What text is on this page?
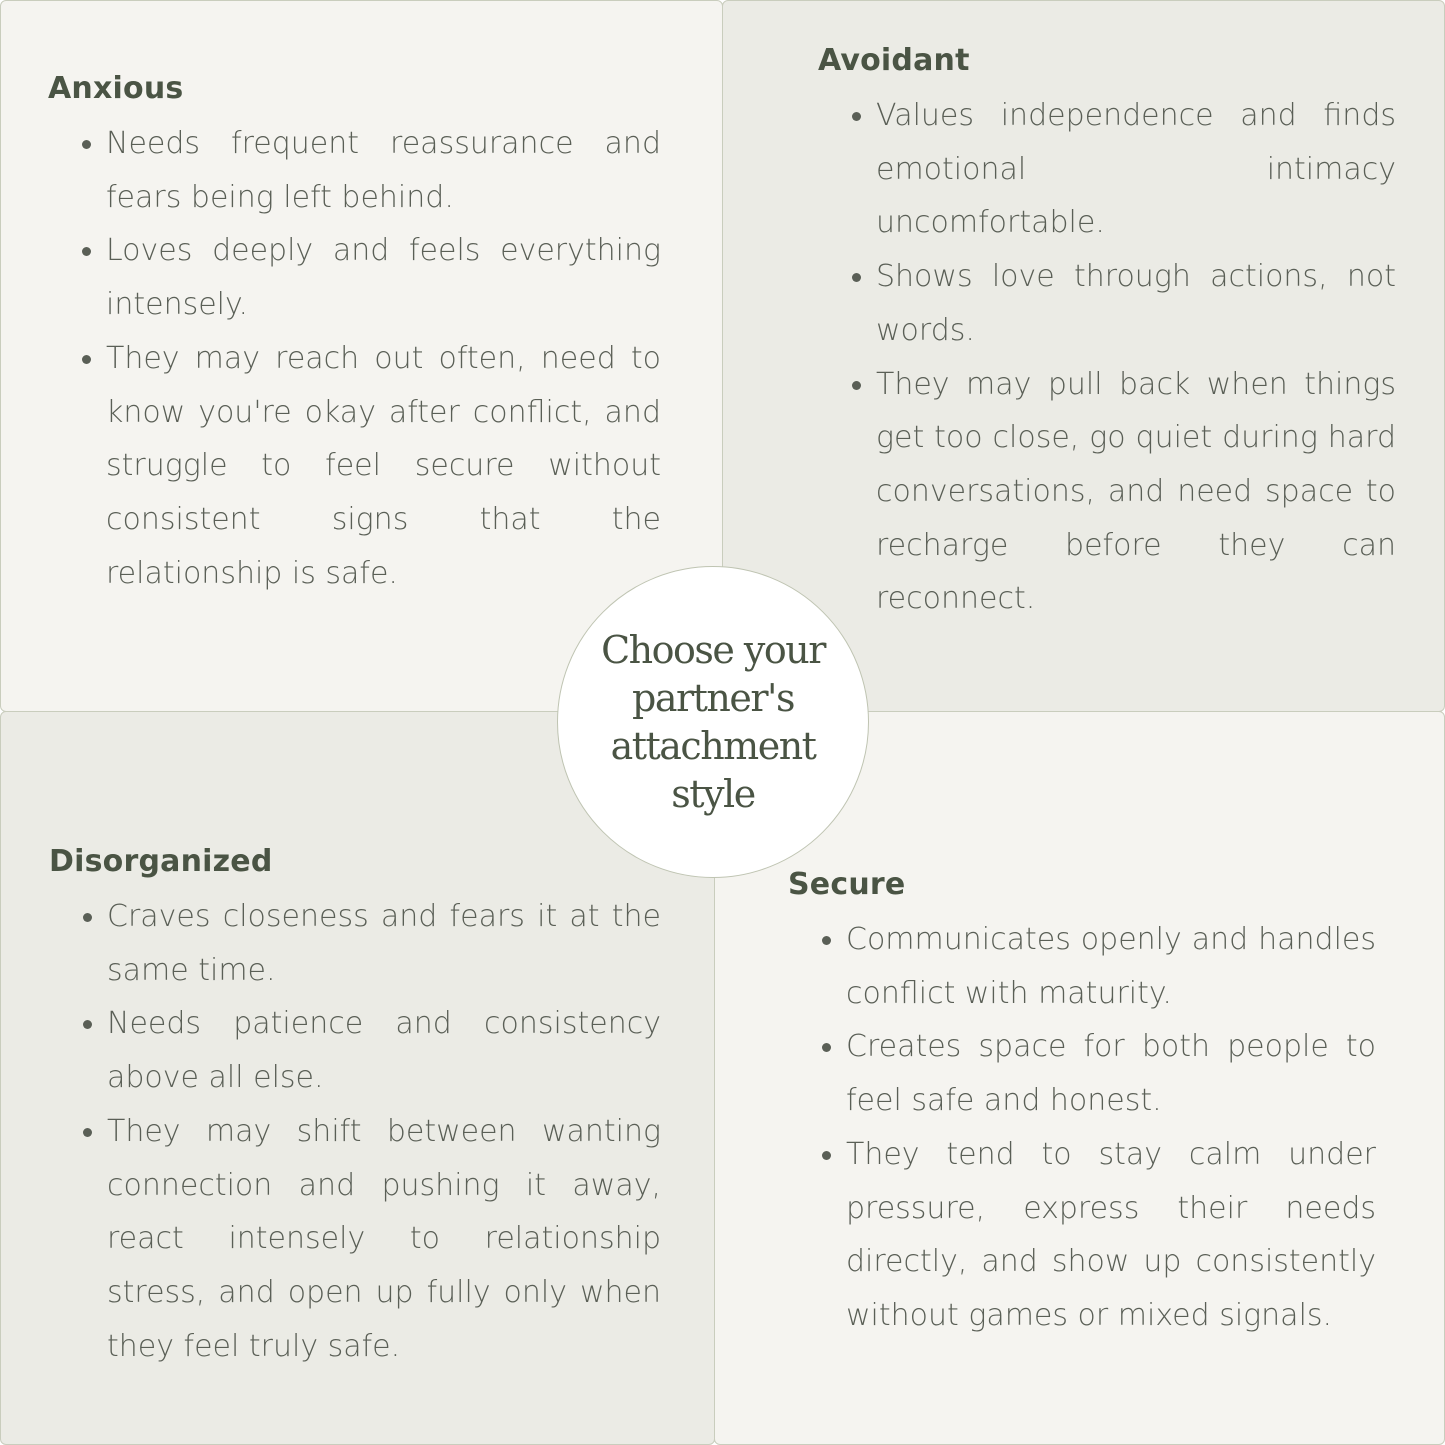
Anxious
Needs frequent reassurance and fears being left behind.
Loves deeply and feels everything intensely.
They may reach out often, need to know you're okay after conflict, and struggle to feel secure without consistent signs that the relationship is safe.
Avoidant
Values independence and finds emotional intimacy uncomfortable.
Shows love through actions, not words.
They may pull back when things get too close, go quiet during hard conversations, and need space to recharge before they can reconnect.
Disorganized
Craves closeness and fears it at the same time.
Needs patience and consistency above all else.
They may shift between wanting connection and pushing it away, react intensely to relationship stress, and open up fully only when they feel truly safe.
Secure
Communicates openly and handles conflict with maturity.
Creates space for both people to feel safe and honest.
They tend to stay calm under pressure, express their needs directly, and show up consistently without games or mixed signals.
Choose your partner's attachment style
